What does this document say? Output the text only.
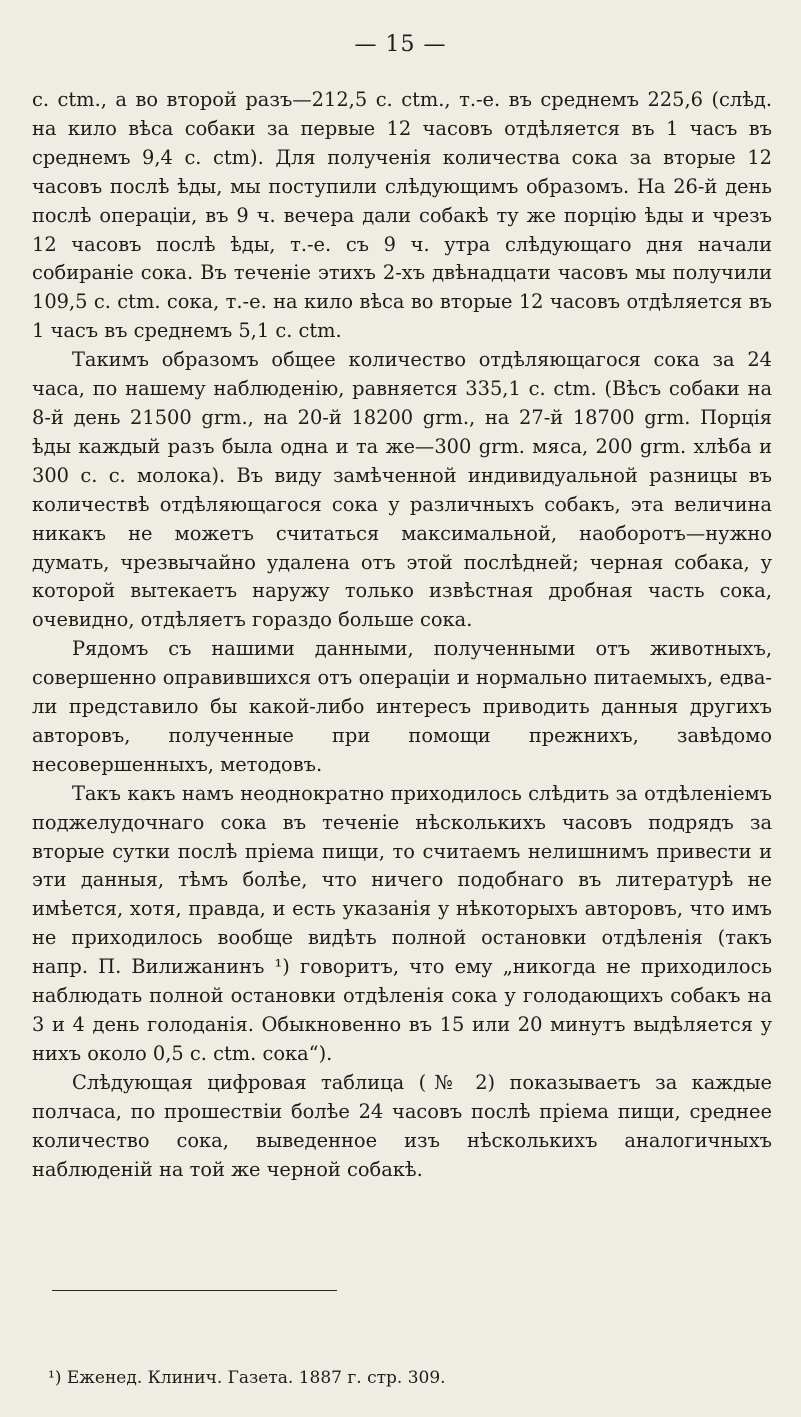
— 15 —

с. ctm., а во второй разъ—212,5 с. ctm., т.-е. въ среднемъ 225,6 (слѣд. на кило вѣса собаки за первые 12 часовъ отдѣляется въ 1 часъ въ среднемъ 9,4 с. ctm). Для полученія количества сока за вторые 12 часовъ послѣ ѣды, мы поступили слѣдующимъ образомъ. На 26-й день послѣ операціи, въ 9 ч. вечера дали собакѣ ту же порцію ѣды и чрезъ 12 часовъ послѣ ѣды, т.-е. съ 9 ч. утра слѣдующаго дня начали собираніе сока. Въ теченіе этихъ 2-хъ двѣнадцати часовъ мы получили 109,5 с. ctm. сока, т.-е. на кило вѣса во вторые 12 часовъ отдѣляется въ 1 часъ въ среднемъ 5,1 с. ctm.

Такимъ образомъ общее количество отдѣляющагося сока за 24 часа, по нашему наблюденію, равняется 335,1 с. ctm. (Вѣсъ собаки на 8-й день 21500 grm., на 20-й 18200 grm., на 27-й 18700 grm. Порція ѣды каждый разъ была одна и та же—300 grm. мяса, 200 grm. хлѣба и 300 с. с. молока). Въ виду замѣченной индивидуальной разницы въ количествѣ отдѣляющагося сока у различныхъ собакъ, эта величина никакъ не можетъ считаться максимальной, наоборотъ—нужно думать, чрезвычайно удалена отъ этой послѣдней; черная собака, у которой вытекаетъ наружу только извѣстная дробная часть сока, очевидно, отдѣляетъ гораздо больше сока.

Рядомъ съ нашими данными, полученными отъ животныхъ, совершенно оправившихся отъ операціи и нормально питаемыхъ, едва-ли представило бы какой-либо интересъ приводить данныя другихъ авторовъ, полученные при помощи прежнихъ, завѣдомо несовершенныхъ, методовъ.

Такъ какъ намъ неоднократно приходилось слѣдить за отдѣленіемъ поджелудочнаго сока въ теченіе нѣсколькихъ часовъ подрядъ за вторые сутки послѣ пріема пищи, то считаемъ нелишнимъ привести и эти данныя, тѣмъ болѣе, что ничего подобнаго въ литературѣ не имѣется, хотя, правда, и есть указанія у нѣкоторыхъ авторовъ, что имъ не приходилось вообще видѣть полной остановки отдѣленія (такъ напр. П. Вилижанинъ ¹) говоритъ, что ему „никогда не приходилось наблюдать полной остановки отдѣленія сока у голодающихъ собакъ на 3 и 4 день голоданія. Обыкновенно въ 15 или 20 минутъ выдѣляется у нихъ около 0,5 с. ctm. сока“).

Слѣдующая цифровая таблица (№ 2) показываетъ за каждые полчаса, по прошествіи болѣе 24 часовъ послѣ пріема пищи, среднее количество сока, выведенное изъ нѣсколькихъ аналогичныхъ наблюденій на той же черной собакѣ.

¹) Еженед. Клинич. Газета. 1887 г. стр. 309.
